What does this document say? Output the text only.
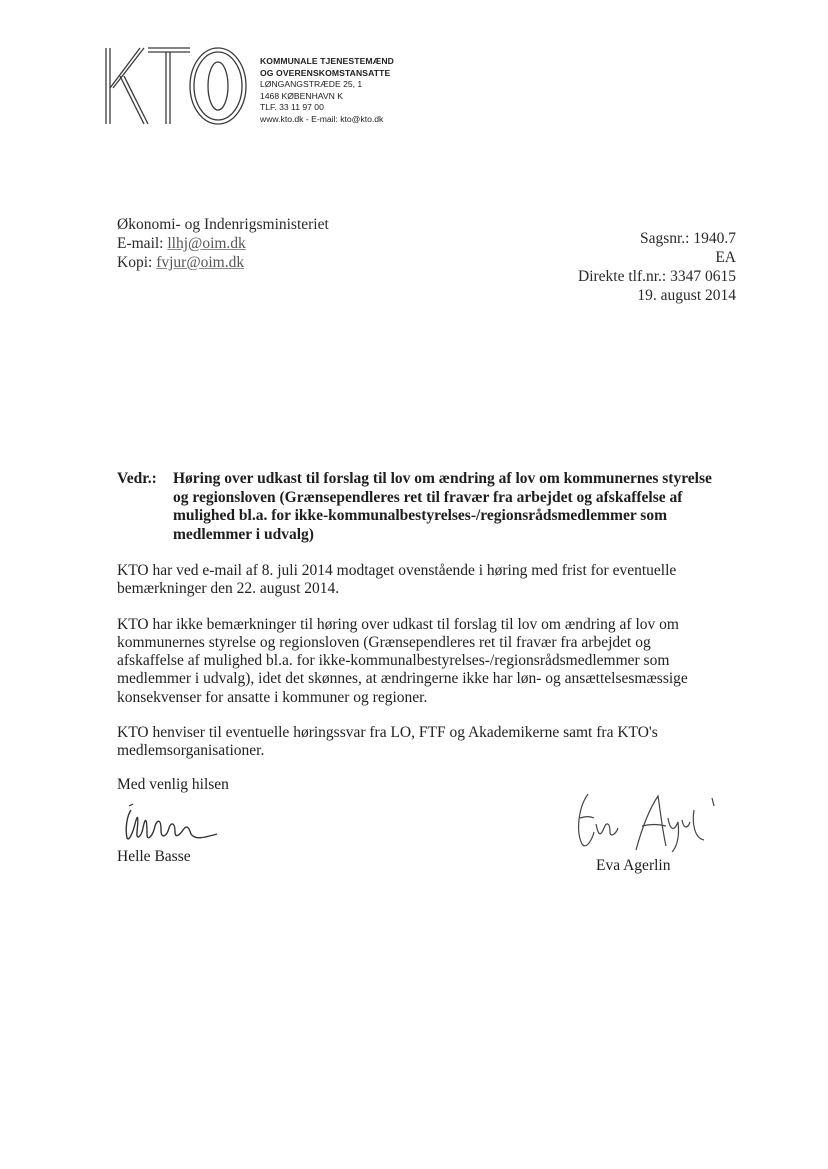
KOMMUNALE TJENESTEMÆND
OG OVERENSKOMSTANSATTE
LØNGANGSTRÆDE 25, 1
1468 KØBENHAVN K
TLF. 33 11 97 00
www.kto.dk - E-mail: kto@kto.dk
Økonomi- og Indenrigsministeriet
E-mail: llhj@oim.dk
Kopi: fvjur@oim.dk
Sagsnr.: 1940.7
EA
Direkte tlf.nr.: 3347 0615
19. august 2014
Vedr.: Høring over udkast til forslag til lov om ændring af lov om kommunernes styrelse og regionsloven (Grænsependleres ret til fravær fra arbejdet og afskaffelse af mulighed bl.a. for ikke-kommunalbestyrelses-/regionsrådsmedlemmer som medlemmer i udvalg)

KTO har ved e-mail af 8. juli 2014 modtaget ovenstående i høring med frist for eventuelle bemærkninger den 22. august 2014.

KTO har ikke bemærkninger til høring over udkast til forslag til lov om ændring af lov om kommunernes styrelse og regionsloven (Grænsependleres ret til fravær fra arbejdet og afskaffelse af mulighed bl.a. for ikke-kommunalbestyrelses-/regionsrådsmedlemmer som medlemmer i udvalg), idet det skønnes, at ændringerne ikke har løn- og ansættelsesmæssige konsekvenser for ansatte i kommuner og regioner.

KTO henviser til eventuelle høringssvar fra LO, FTF og Akademikerne samt fra KTO's medlemsorganisationer.

Med venlig hilsen
Helle Basse
Eva Agerlin
